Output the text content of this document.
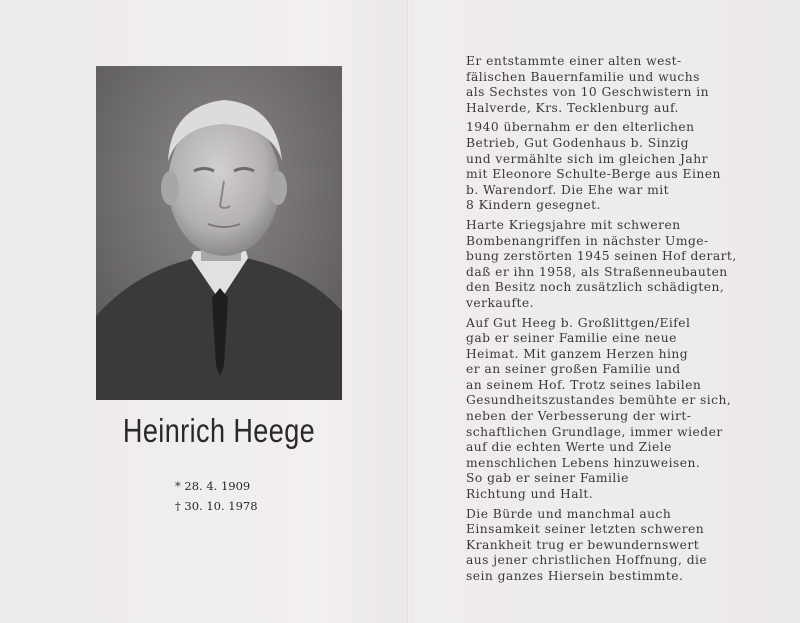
Heinrich Heege
* 28. 4. 1909
† 30. 10. 1978
Er entstammte einer alten west-
fälischen Bauernfamilie und wuchs
als Sechstes von 10 Geschwistern in
Halverde, Krs. Tecklenburg auf.
1940 übernahm er den elterlichen
Betrieb, Gut Godenhaus b. Sinzig
und vermählte sich im gleichen Jahr
mit Eleonore Schulte-Berge aus Einen
b. Warendorf. Die Ehe war mit
8 Kindern gesegnet.
Harte Kriegsjahre mit schweren
Bombenangriffen in nächster Umge-
bung zerstörten 1945 seinen Hof derart,
daß er ihn 1958, als Straßenneubauten
den Besitz noch zusätzlich schädigten,
verkaufte.
Auf Gut Heeg b. Großlittgen/Eifel
gab er seiner Familie eine neue
Heimat. Mit ganzem Herzen hing
er an seiner großen Familie und
an seinem Hof. Trotz seines labilen
Gesundheitszustandes bemühte er sich,
neben der Verbesserung der wirt-
schaftlichen Grundlage, immer wieder
auf die echten Werte und Ziele
menschlichen Lebens hinzuweisen.
So gab er seiner Familie
Richtung und Halt.
Die Bürde und manchmal auch
Einsamkeit seiner letzten schweren
Krankheit trug er bewundernswert
aus jener christlichen Hoffnung, die
sein ganzes Hiersein bestimmte.
